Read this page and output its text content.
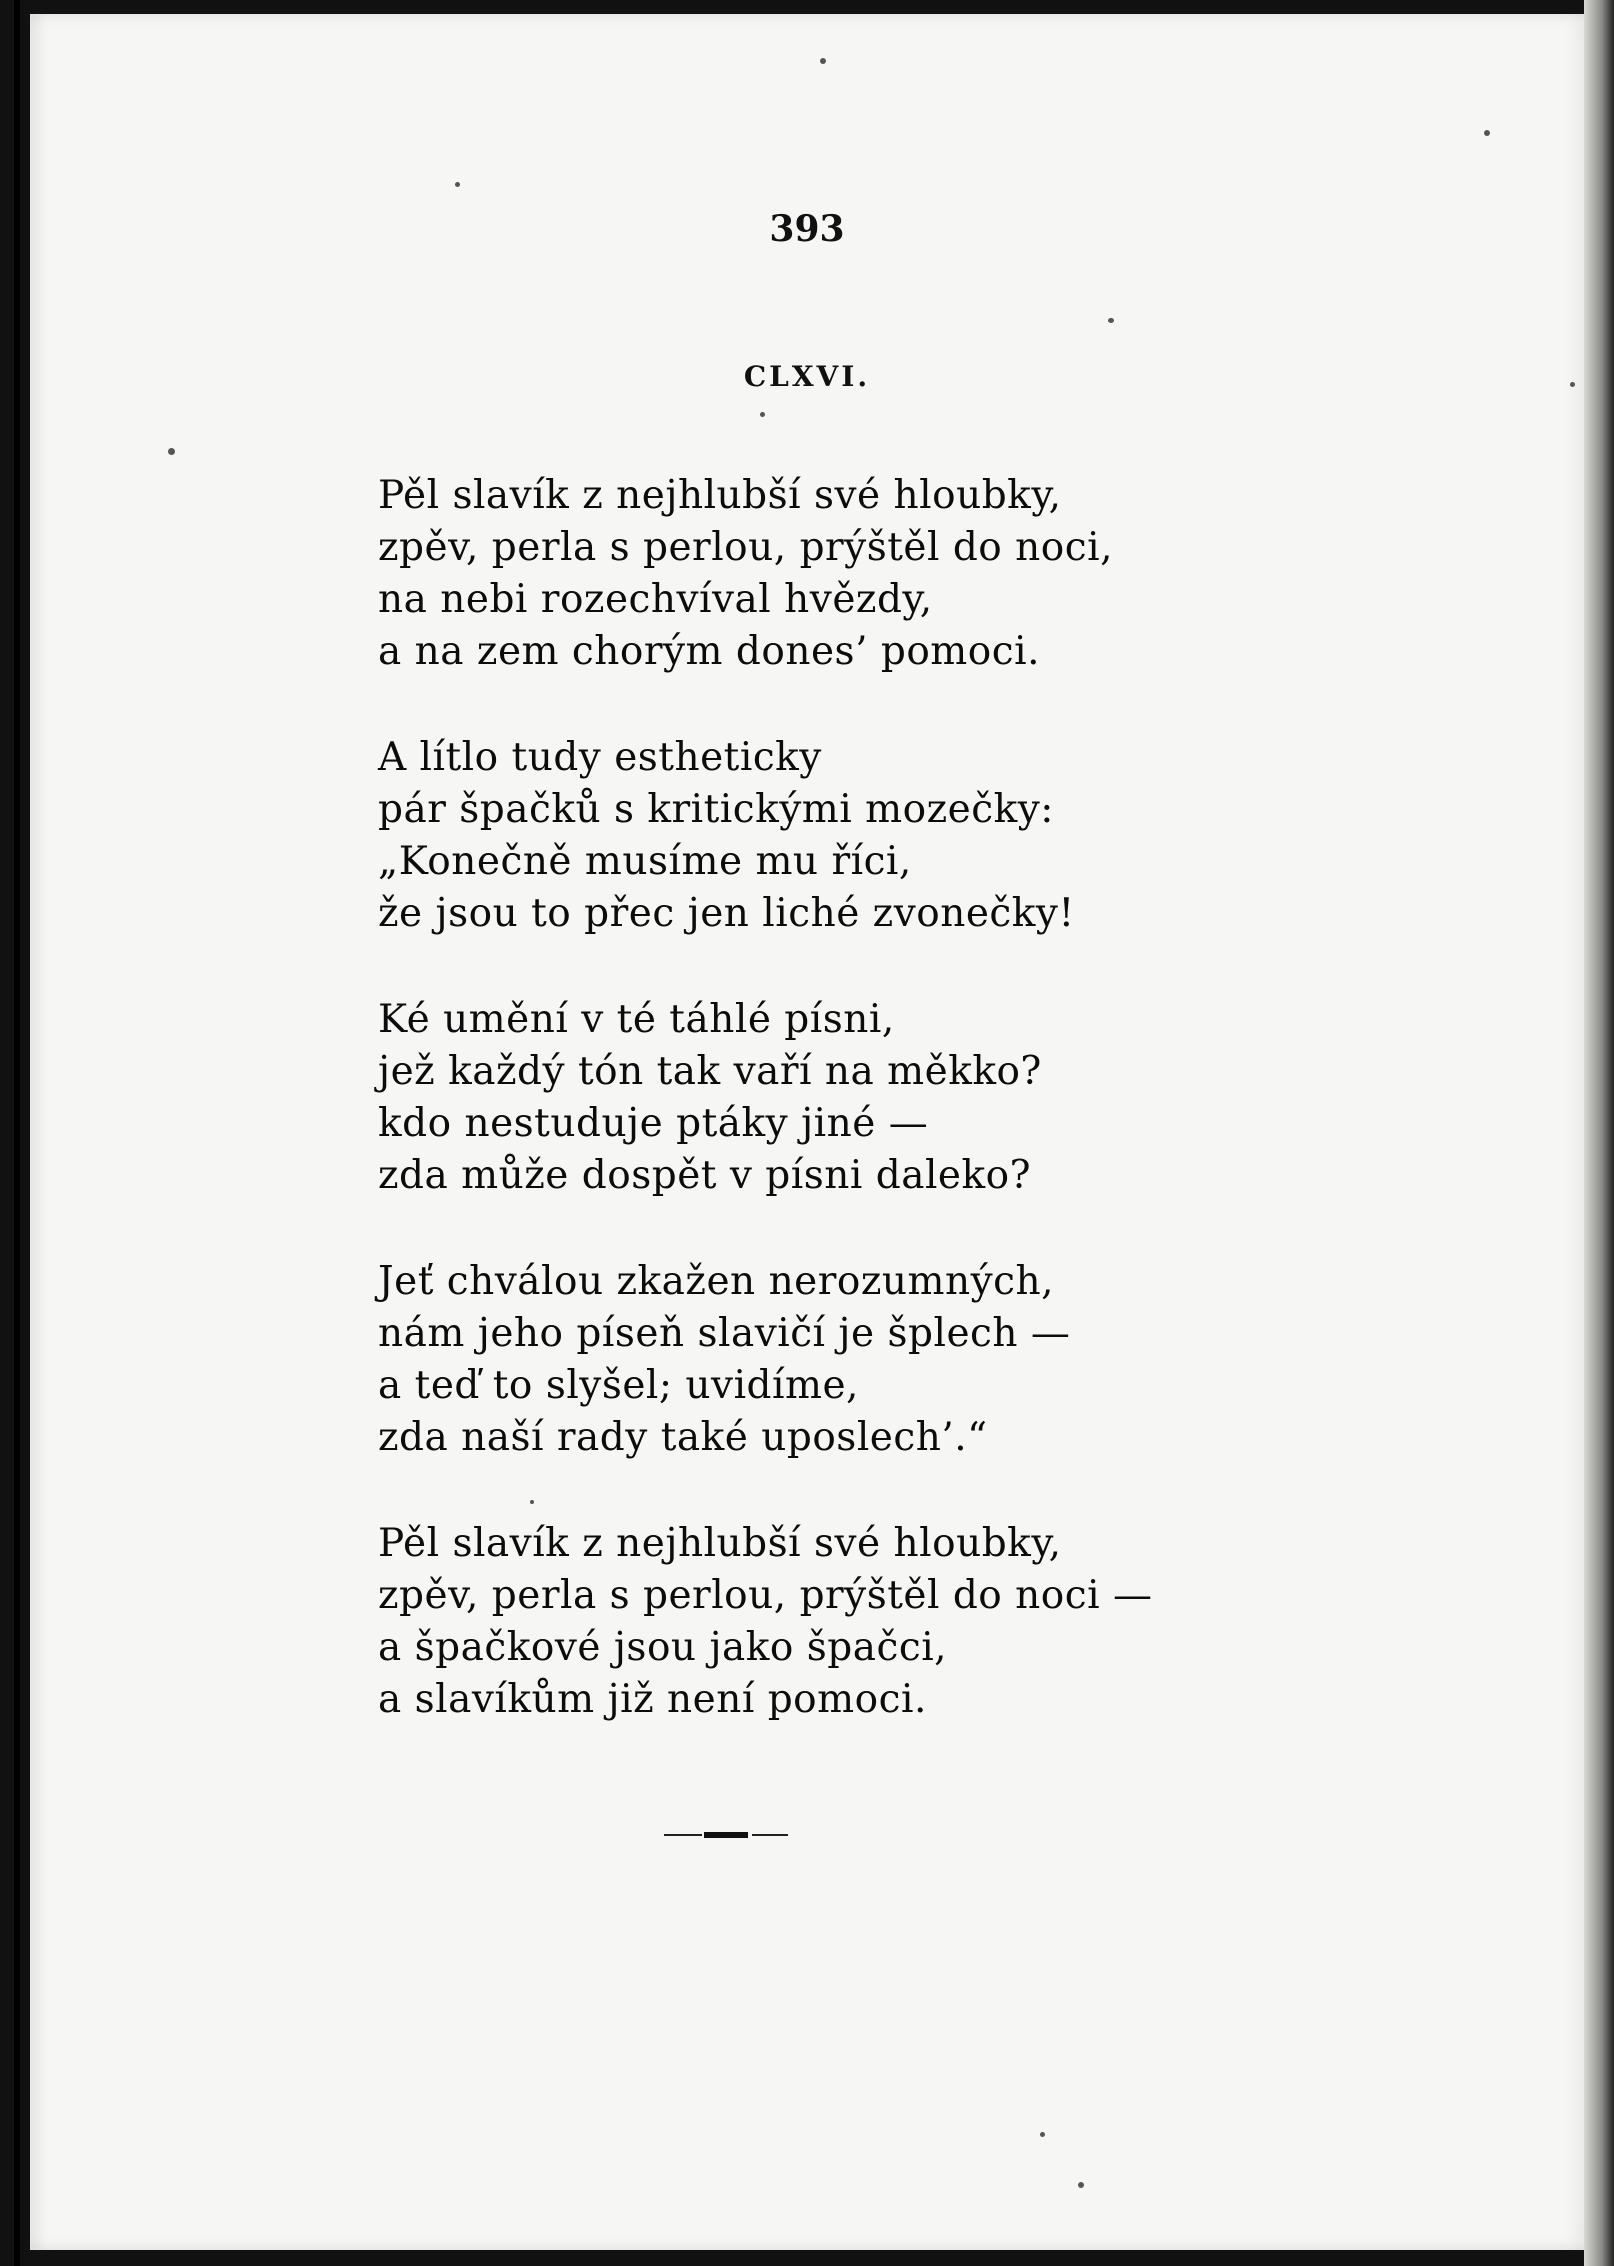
393
CLXVI.
Pěl slavík z nejhlubší své hloubky,
zpěv, perla s perlou, prýštěl do noci,
na nebi rozechvíval hvězdy,
a na zem chorým dones’ pomoci.
A lítlo tudy estheticky
pár špačků s kritickými mozečky:
„Konečně musíme mu říci,
že jsou to přec jen liché zvonečky!
Ké umění v té táhlé písni,
jež každý tón tak vaří na měkko?
kdo nestuduje ptáky jiné —
zda může dospět v písni daleko?
Jeť chválou zkažen nerozumných,
nám jeho píseň slavičí je šplech —
a teď to slyšel; uvidíme,
zda naší rady také uposlech’.“
Pěl slavík z nejhlubší své hloubky,
zpěv, perla s perlou, prýštěl do noci —
a špačkové jsou jako špačci,
a slavíkům již není pomoci.
